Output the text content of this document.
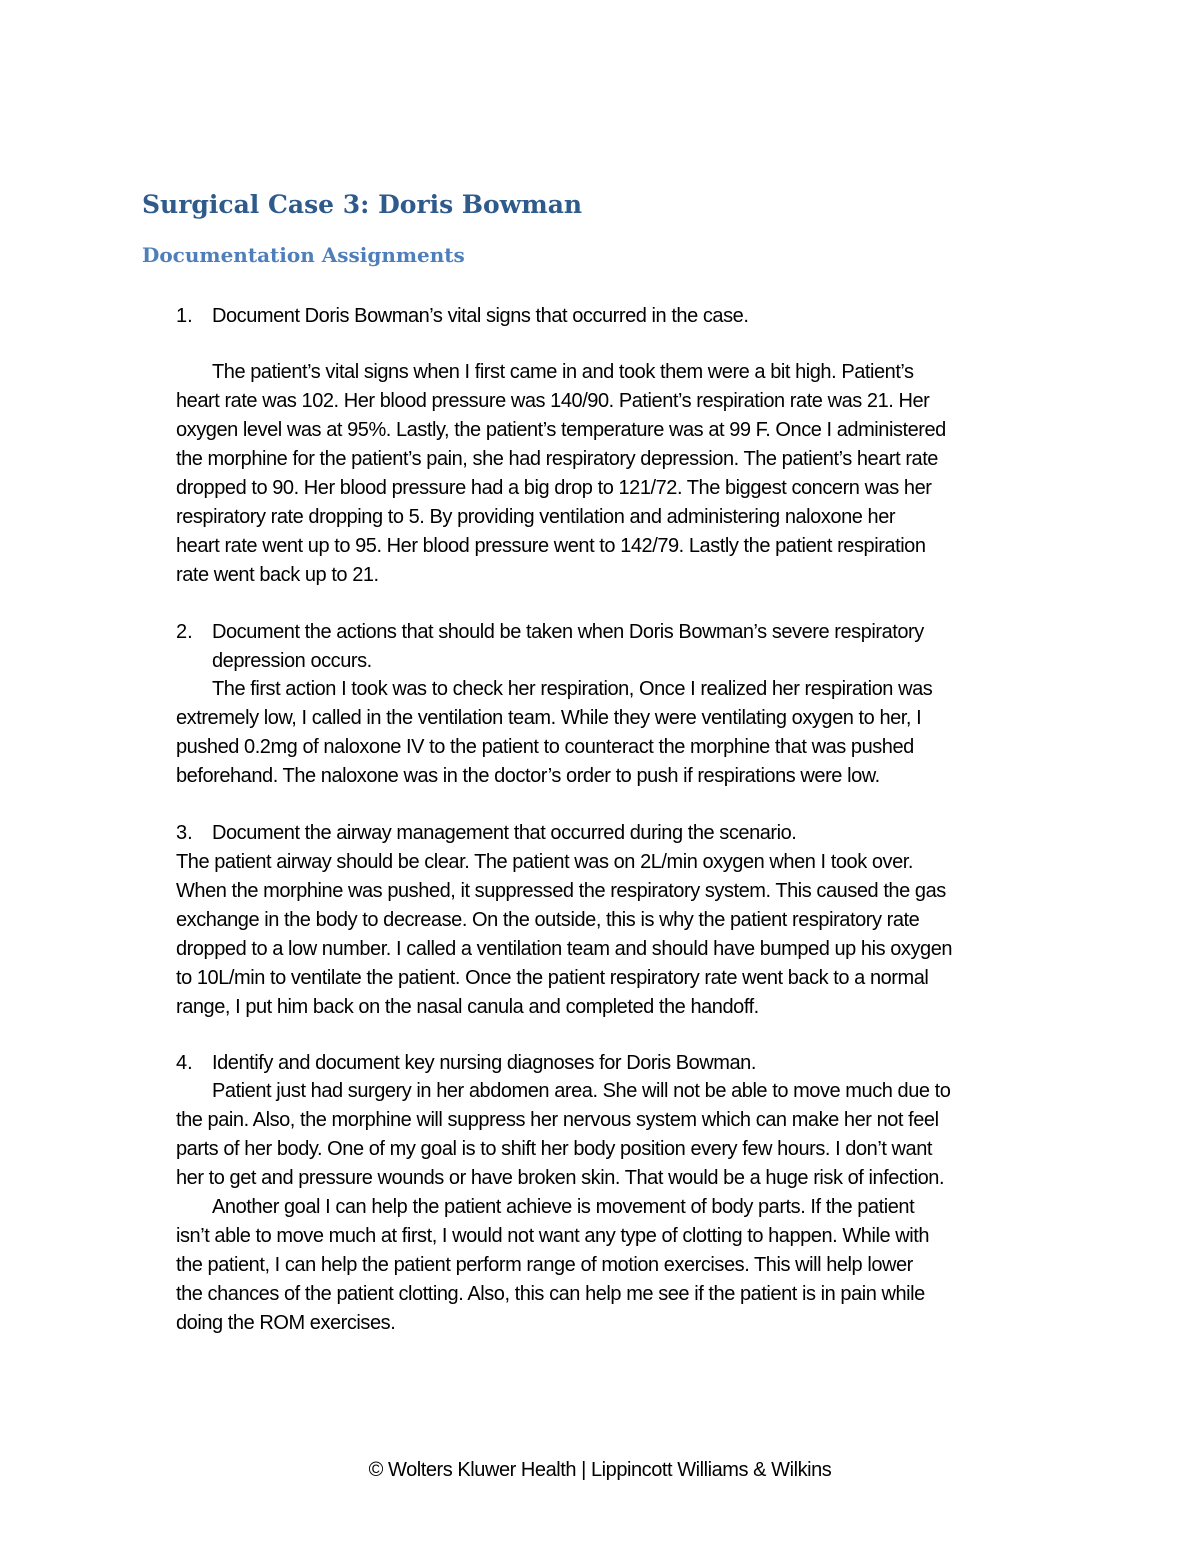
Surgical Case 3: Doris Bowman
Documentation Assignments
1. Document Doris Bowman’s vital signs that occurred in the case.
The patient’s vital signs when I first came in and took them were a bit high. Patient’s
heart rate was 102. Her blood pressure was 140/90. Patient’s respiration rate was 21. Her
oxygen level was at 95%. Lastly, the patient’s temperature was at 99 F. Once I administered
the morphine for the patient’s pain, she had respiratory depression. The patient’s heart rate
dropped to 90. Her blood pressure had a big drop to 121/72. The biggest concern was her
respiratory rate dropping to 5. By providing ventilation and administering naloxone her
heart rate went up to 95. Her blood pressure went to 142/79. Lastly the patient respiration
rate went back up to 21.
2. Document the actions that should be taken when Doris Bowman’s severe respiratory
depression occurs.
The first action I took was to check her respiration, Once I realized her respiration was
extremely low, I called in the ventilation team. While they were ventilating oxygen to her, I
pushed 0.2mg of naloxone IV to the patient to counteract the morphine that was pushed
beforehand. The naloxone was in the doctor’s order to push if respirations were low.
3. Document the airway management that occurred during the scenario.
The patient airway should be clear. The patient was on 2L/min oxygen when I took over.
When the morphine was pushed, it suppressed the respiratory system. This caused the gas
exchange in the body to decrease. On the outside, this is why the patient respiratory rate
dropped to a low number. I called a ventilation team and should have bumped up his oxygen
to 10L/min to ventilate the patient. Once the patient respiratory rate went back to a normal
range, I put him back on the nasal canula and completed the handoff.
4. Identify and document key nursing diagnoses for Doris Bowman.
Patient just had surgery in her abdomen area. She will not be able to move much due to
the pain. Also, the morphine will suppress her nervous system which can make her not feel
parts of her body. One of my goal is to shift her body position every few hours. I don’t want
her to get and pressure wounds or have broken skin. That would be a huge risk of infection.
Another goal I can help the patient achieve is movement of body parts. If the patient
isn’t able to move much at first, I would not want any type of clotting to happen. While with
the patient, I can help the patient perform range of motion exercises. This will help lower
the chances of the patient clotting. Also, this can help me see if the patient is in pain while
doing the ROM exercises.
© Wolters Kluwer Health | Lippincott Williams & Wilkins
